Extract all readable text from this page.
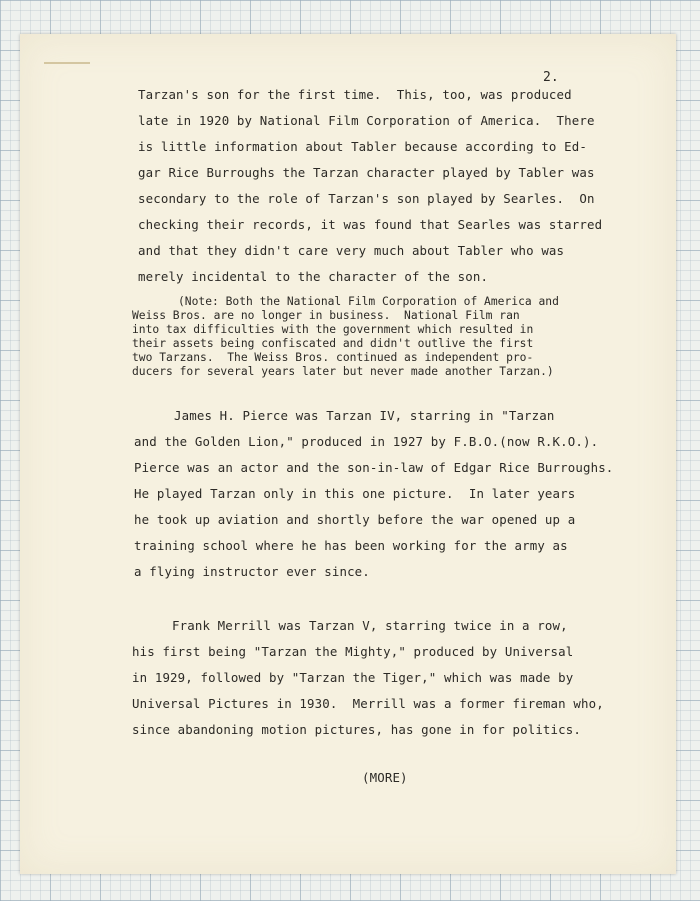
2.
Tarzan's son for the first time.  This, too, was produced
late in 1920 by National Film Corporation of America.  There
is little information about Tabler because according to Ed-
gar Rice Burroughs the Tarzan character played by Tabler was
secondary to the role of Tarzan's son played by Searles.  On
checking their records, it was found that Searles was starred
and that they didn't care very much about Tabler who was
merely incidental to the character of the son.
(Note: Both the National Film Corporation of America and
Weiss Bros. are no longer in business.  National Film ran
into tax difficulties with the government which resulted in
their assets being confiscated and didn't outlive the first
two Tarzans.  The Weiss Bros. continued as independent pro-
ducers for several years later but never made another Tarzan.)
James H. Pierce was Tarzan IV, starring in "Tarzan
and the Golden Lion," produced in 1927 by F.B.O.(now R.K.O.).
Pierce was an actor and the son-in-law of Edgar Rice Burroughs.
He played Tarzan only in this one picture.  In later years
he took up aviation and shortly before the war opened up a
training school where he has been working for the army as
a flying instructor ever since.
Frank Merrill was Tarzan V, starring twice in a row,
his first being "Tarzan the Mighty," produced by Universal
in 1929, followed by "Tarzan the Tiger," which was made by
Universal Pictures in 1930.  Merrill was a former fireman who,
since abandoning motion pictures, has gone in for politics.
(MORE)
